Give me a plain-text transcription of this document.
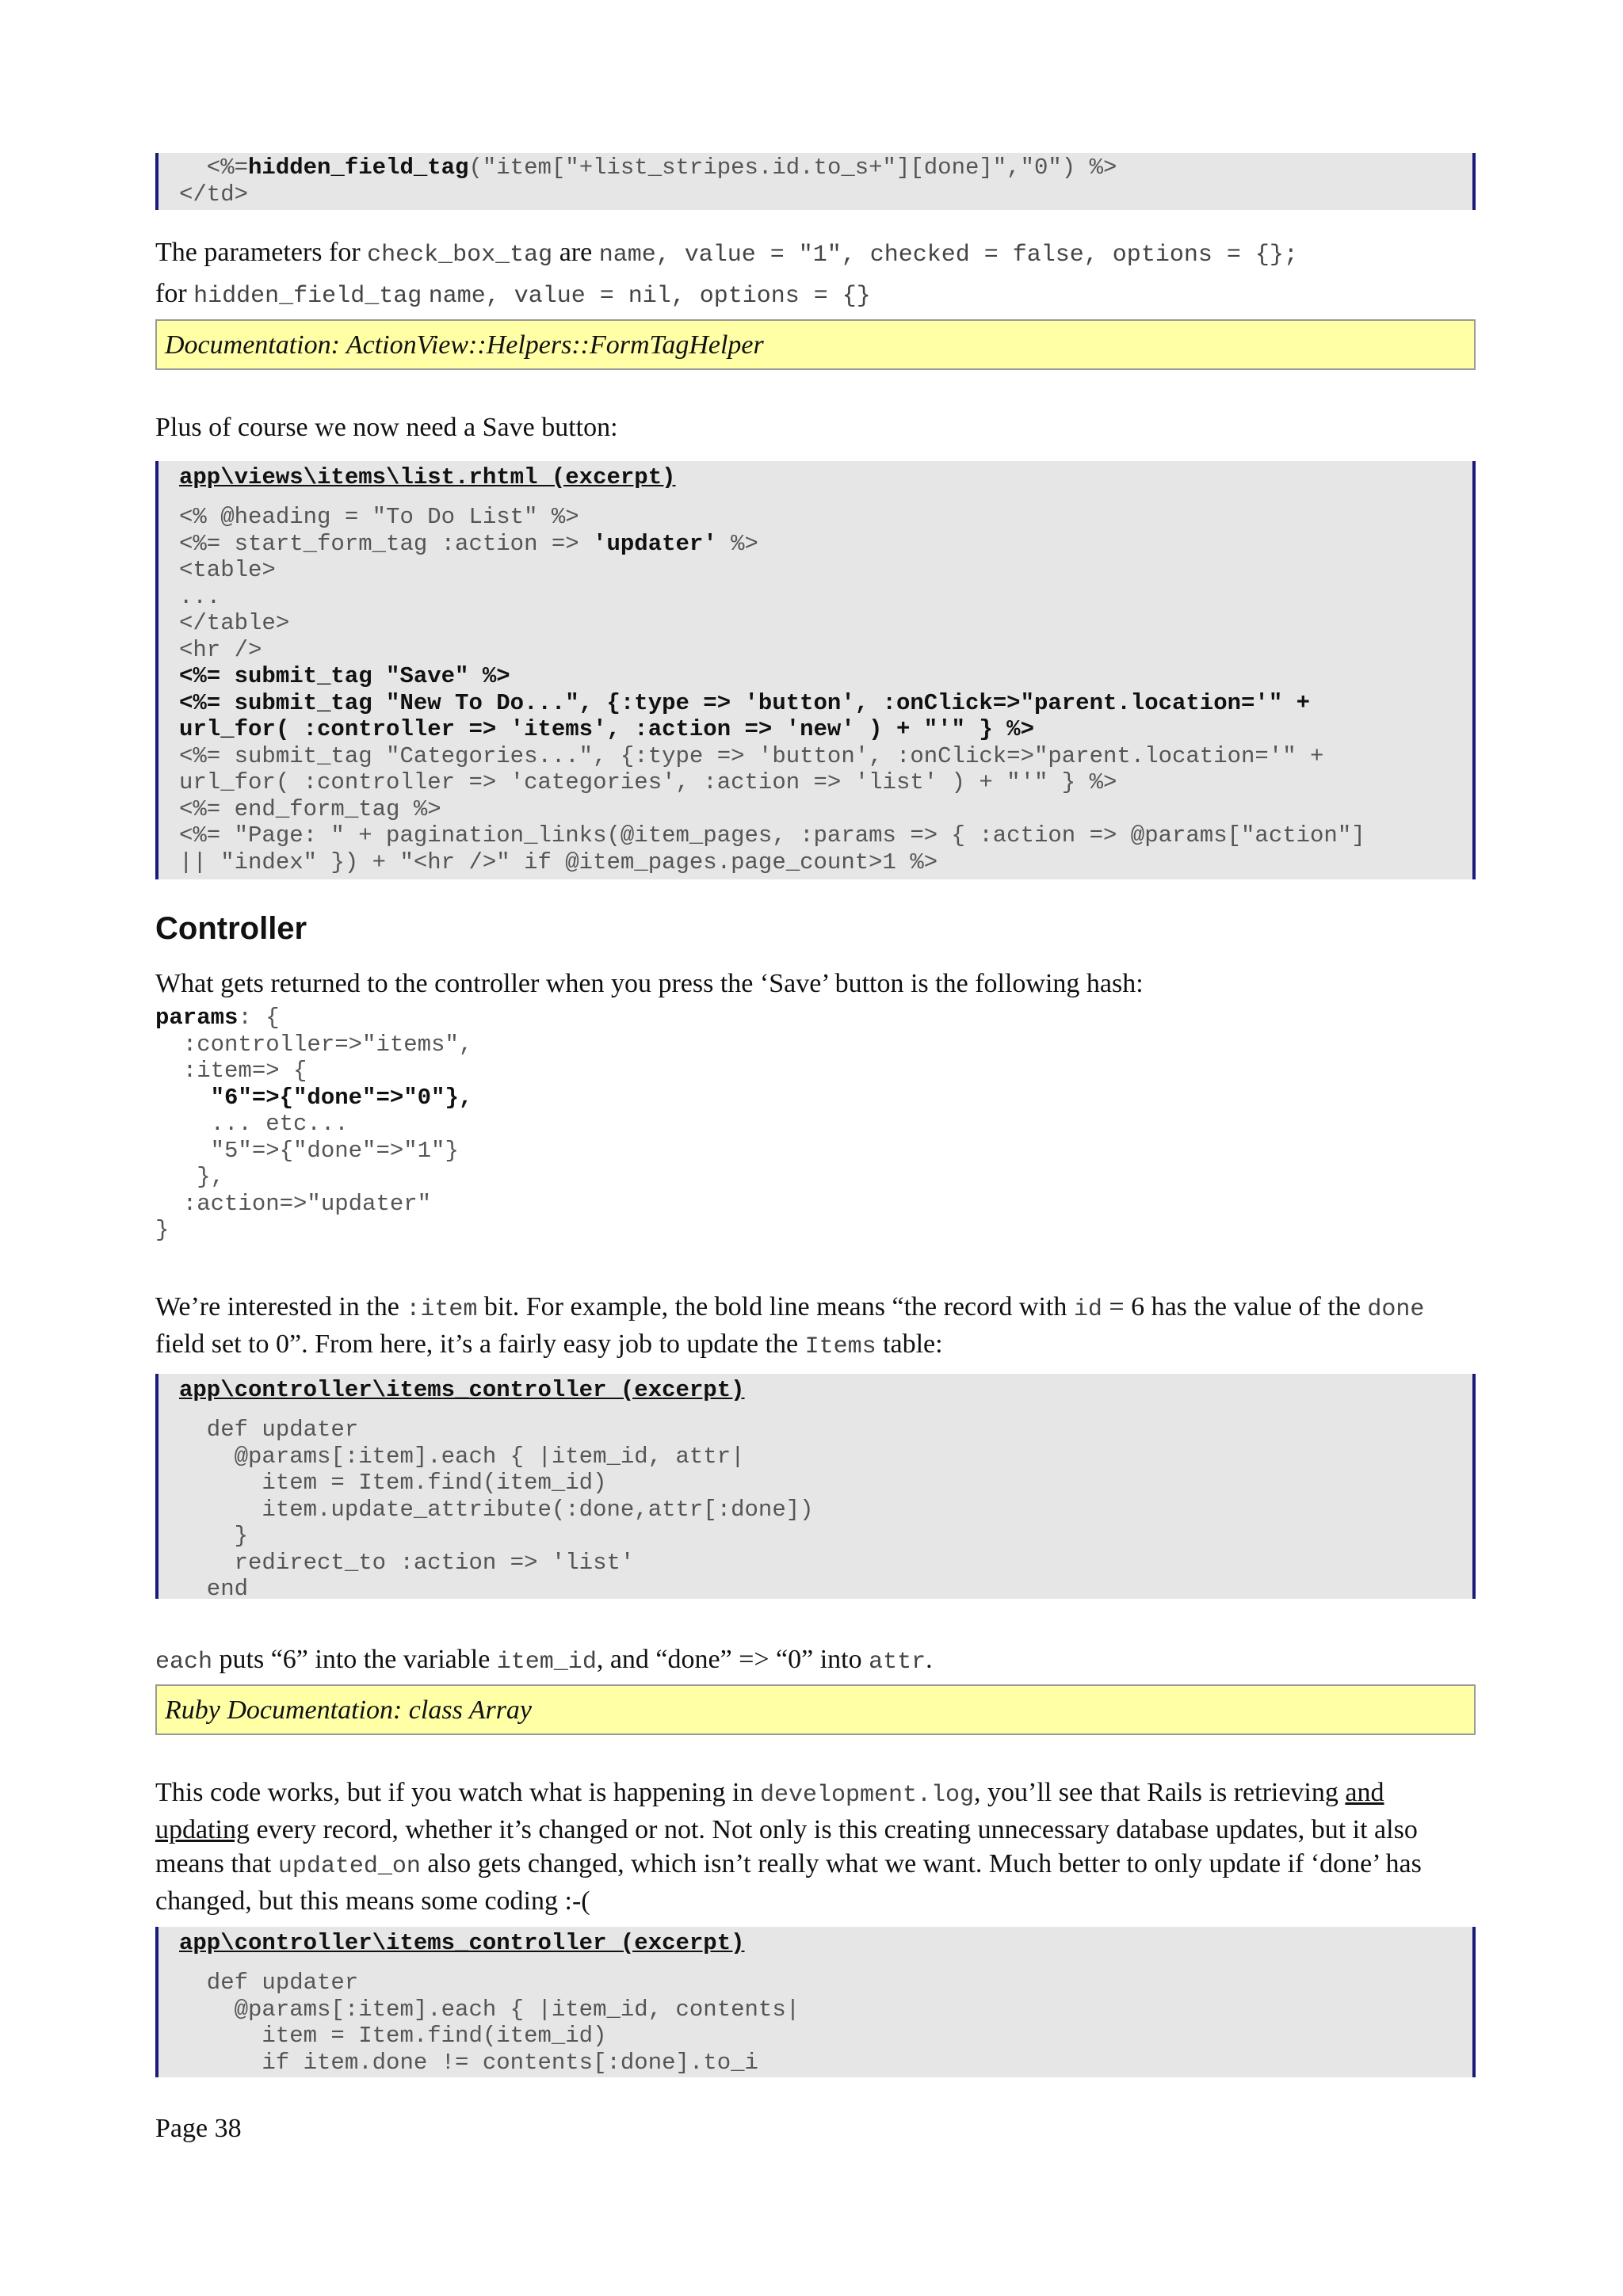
<%=hidden_field_tag("item["+list_stripes.id.to_s+"][done]","0") %>
</td>
The parameters for check_box_tag are name, value = "1", checked = false, options = {};
for hidden_field_tag name, value = nil, options = {}
Documentation: ActionView::Helpers::FormTagHelper
Plus of course we now need a Save button:
app\views\items\list.rhtml (excerpt)
<% @heading = "To Do List" %>
<%= start_form_tag :action => 'updater' %>
<table>
...
</table>
<hr />
<%= submit_tag "Save" %>
<%= submit_tag "New To Do...", {:type => 'button', :onClick=>"parent.location='" +
url_for( :controller => 'items', :action => 'new' ) + "'" } %>
<%= submit_tag "Categories...", {:type => 'button', :onClick=>"parent.location='" +
url_for( :controller => 'categories', :action => 'list' ) + "'" } %>
<%= end_form_tag %>
<%= "Page: " + pagination_links(@item_pages, :params => { :action => @params["action"]
|| "index" }) + "<hr />" if @item_pages.page_count>1 %>
Controller
What gets returned to the controller when you press the ‘Save’ button is the following hash:
params: {
:controller=>"items",
:item=> {
"6"=>{"done"=>"0"},
... etc...
"5"=>{"done"=>"1"}
},
:action=>"updater"
}
We’re interested in the :item bit. For example, the bold line means “the record with id = 6 has the value of the done field set to 0”. From here, it’s a fairly easy job to update the Items table:
app\controller\items_controller (excerpt)
def updater
@params[:item].each { |item_id, attr|
item = Item.find(item_id)
item.update_attribute(:done,attr[:done])
}
redirect_to :action => 'list'
end
each puts “6” into the variable item_id, and “done” => “0” into attr.
Ruby Documentation: class Array
This code works, but if you watch what is happening in development.log, you’ll see that Rails is retrieving and updating every record, whether it’s changed or not. Not only is this creating unnecessary database updates, but it also means that updated_on also gets changed, which isn’t really what we want. Much better to only update if ‘done’ has changed, but this means some coding :-(
app\controller\items_controller (excerpt)
def updater
@params[:item].each { |item_id, contents|
item = Item.find(item_id)
if item.done != contents[:done].to_i
Page 38
